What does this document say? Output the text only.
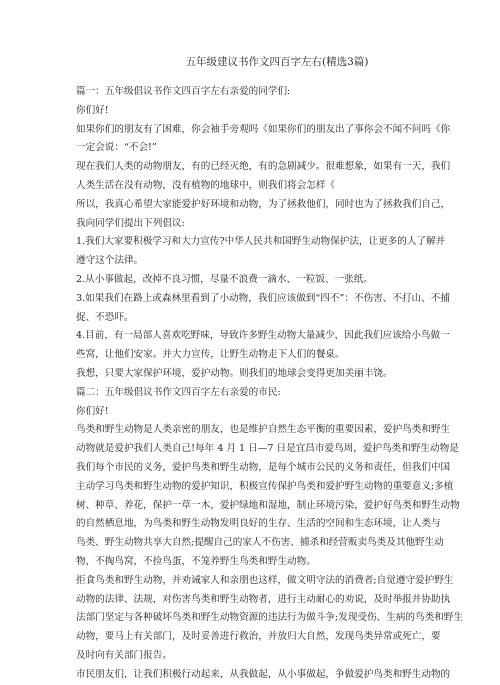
五年级建议书作文四百字左右(精选3篇)
篇一：五年级倡议书作文四百字左右亲爱的同学们:
你们好!
如果你们的朋友有了困难，你会袖手旁观吗《如果你们的朋友出了事你会不闻不问吗《你
一定会说：“不会!”
现在我们人类的动物朋友，有的已经灭绝，有的急剧减少。很难想象，如果有一天，我们
人类生活在没有动物，没有植物的地球中，则我们将会怎样《
所以，我真心希望大家能爱护好环境和动物，为了拯救他们，同时也为了拯救我们自己，
我向同学们提出下列倡议:
1.我们大家要积极学习和大力宣传?中华人民共和国野生动物保护法，让更多的人了解并
遵守这个法律。
2.从小事做起，改掉不良习惯，尽量不浪费一滴水、一粒饭、一张纸。
3.如果我们在路上或森林里看到了小动物，我们应该做到“四不”：不伤害、不打山、不捕
捉、不恐吓。
4.目前，有一局部人喜欢吃野味，导致许多野生动物大量减少，因此我们应该给小鸟做一
些窝，让他们安家。并大力宣传，让野生动物走下人们的餐桌。
我想，只要大家保护环境，爱护动物。则我们的地球会变得更加美丽丰饶。
篇二：五年级倡议书作文四百字左右亲爱的市民:
你们好!
鸟类和野生动物是人类亲密的朋友，也是维护自然生态平衡的重要因素，爱护鸟类和野生
动物就是爱护我们人类自己!每年 4 月 1 日—7 日是宜昌市爱鸟周，爱护鸟类和野生动物是
我们每个市民的义务，爱护鸟类和野生动物，是每个城市公民的义务和责任，但我们中国
主动学习鸟类和野生动物的爱护知识，积极宣传保护鸟类和爱护野生动物的重要意义;多植
树、种草、养花，保护一草一木，爱护绿地和湿地，制止环境污染，爱护好鸟类和野生动物
的自然栖息地，为鸟类和野生动物发明良好的生存、生活的空间和生态环境，让人类与
鸟类、野生动物共享大自然;提醒自己的家人不伤害、捕杀和经营贩卖鸟类及其他野生动
物，不掏鸟窝，不捡鸟蛋，不笼养野生鸟类和野生动物。
拒食鸟类和野生动物，并劝诫家人和亲朋也这样，做文明守法的消费者;自觉遵守爱护野生
动物的法律、法规，对伤害鸟类和野生动物者，进行主动耐心的劝说，及时举报并协助执
法部门坚定与各种破坏鸟类和野生动物资源的违法行为做斗争;发现受伤、生病的鸟类和野生
动物，要马上有关部门，及时妥善进行救治，并放归大自然，发现鸟类异常或死亡，要
及时向有关部门报告。
市民朋友们，让我们积极行动起来，从我做起，从小事做起，争做爱护鸟类和野生动物的
